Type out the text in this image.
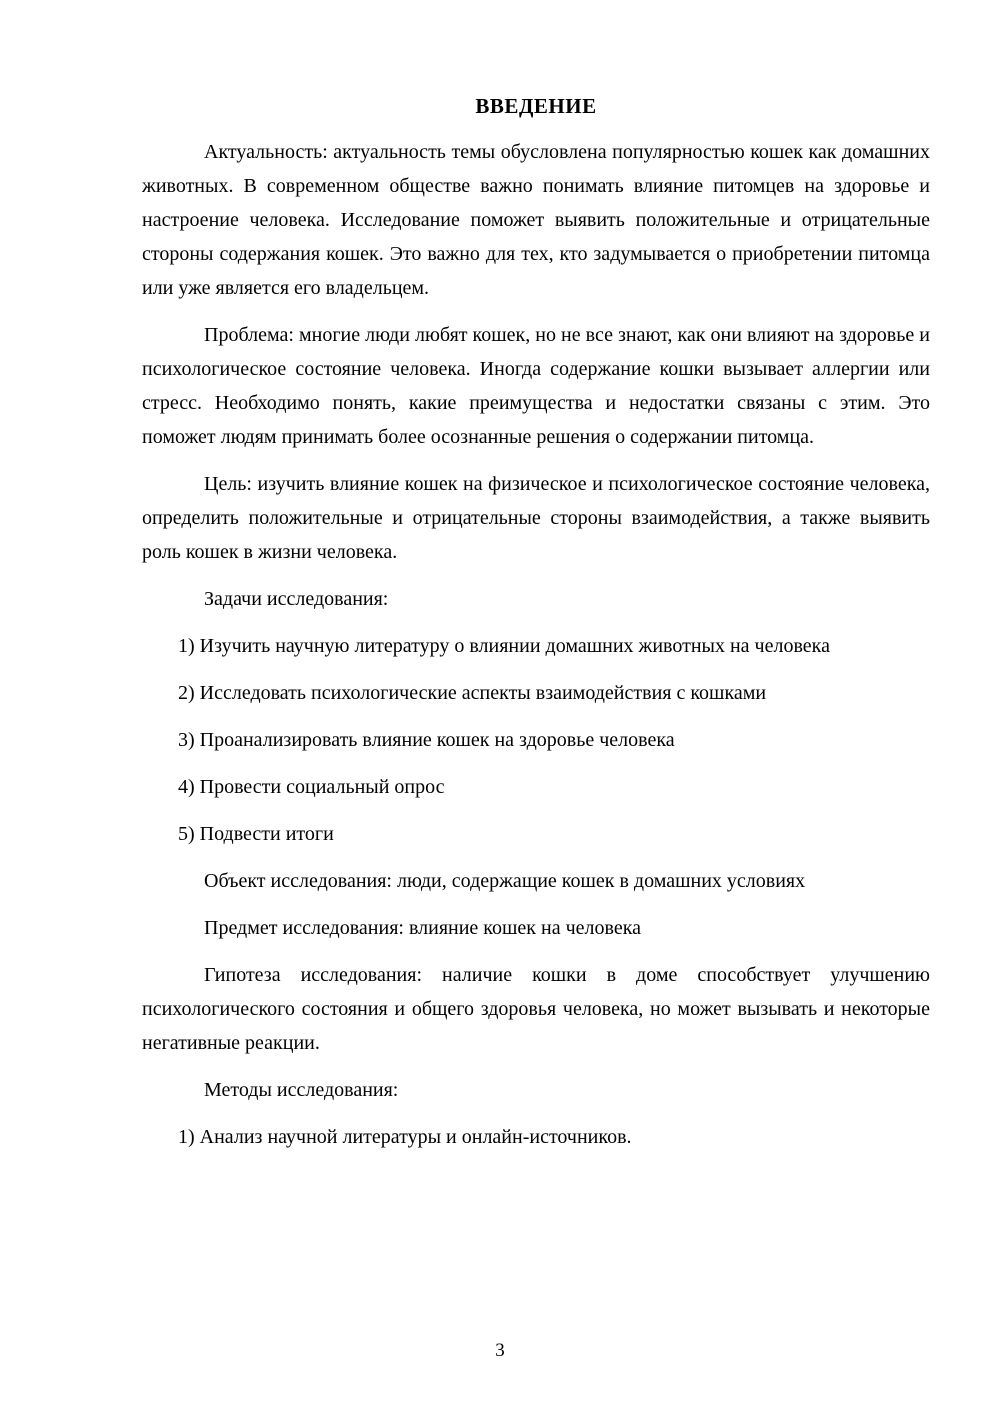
ВВЕДЕНИЕ

Актуальность: актуальность темы обусловлена популярностью кошек как домашних животных. В современном обществе важно понимать влияние питомцев на здоровье и настроение человека. Исследование поможет выявить положительные и отрицательные стороны содержания кошек. Это важно для тех, кто задумывается о приобретении питомца или уже является его владельцем.

Проблема: многие люди любят кошек, но не все знают, как они влияют на здоровье и психологическое состояние человека. Иногда содержание кошки вызывает аллергии или стресс. Необходимо понять, какие преимущества и недостатки связаны с этим. Это поможет людям принимать более осознанные решения о содержании питомца.

Цель: изучить влияние кошек на физическое и психологическое состояние человека, определить положительные и отрицательные стороны взаимодействия, а также выявить роль кошек в жизни человека.

Задачи исследования:

1) Изучить научную литературу о влиянии домашних животных на человека

2) Исследовать психологические аспекты взаимодействия с кошками

3) Проанализировать влияние кошек на здоровье человека

4) Провести социальный опрос

5) Подвести итоги

Объект исследования: люди, содержащие кошек в домашних условиях

Предмет исследования: влияние кошек на человека

Гипотеза исследования: наличие кошки в доме способствует улучшению психологического состояния и общего здоровья человека, но может вызывать и некоторые негативные реакции.

Методы исследования:

1) Анализ научной литературы и онлайн-источников.

3
